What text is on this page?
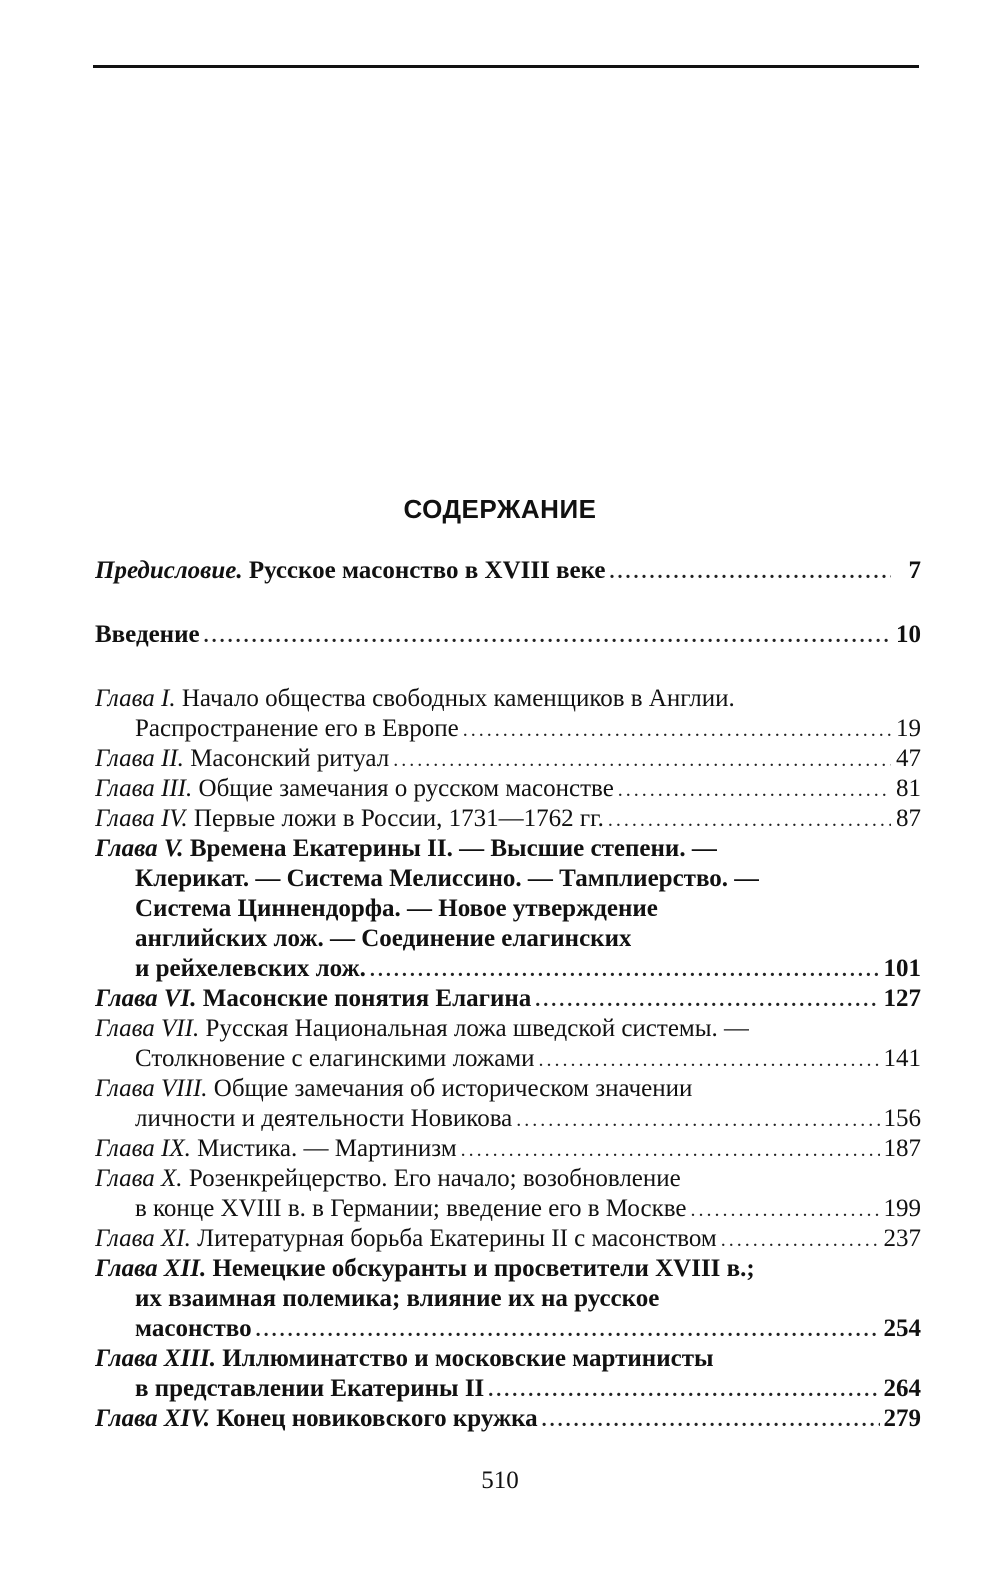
СОДЕРЖАНИЕ
Предисловие. Русское масонство в XVIII веке .....	7
Введение .....	10
Глава I. Начало общества свободных каменщиков в Англии.
Распространение его в Европе .....	19
Глава II. Масонский ритуал .....	47
Глава III. Общие замечания о русском масонстве .....	81
Глава IV. Первые ложи в России, 1731—1762 гг. .....	87
Глава V. Времена Екатерины II. — Высшие степени. —
Клерикат. — Система Мелиссино. — Тамплиерство. —
Система Циннендорфа. — Новое утверждение
английских лож. — Соединение елагинских
и рейхелевских лож. .....	101
Глава VI. Масонские понятия Елагина .....	127
Глава VII. Русская Национальная ложа шведской системы. —
Столкновение с елагинскими ложами .....	141
Глава VIII. Общие замечания об историческом значении
личности и деятельности Новикова .....	156
Глава IX. Мистика. — Мартинизм .....	187
Глава X. Розенкрейцерство. Его начало; возобновление
в конце XVIII в. в Германии; введение его в Москве .....	199
Глава XI. Литературная борьба Екатерины II с масонством .....	237
Глава XII. Немецкие обскуранты и просветители XVIII в.;
их взаимная полемика; влияние их на русское
масонство .....	254
Глава XIII. Иллюминатство и московские мартинисты
в представлении Екатерины II .....	264
Глава XIV. Конец новиковского кружка .....	279
510
